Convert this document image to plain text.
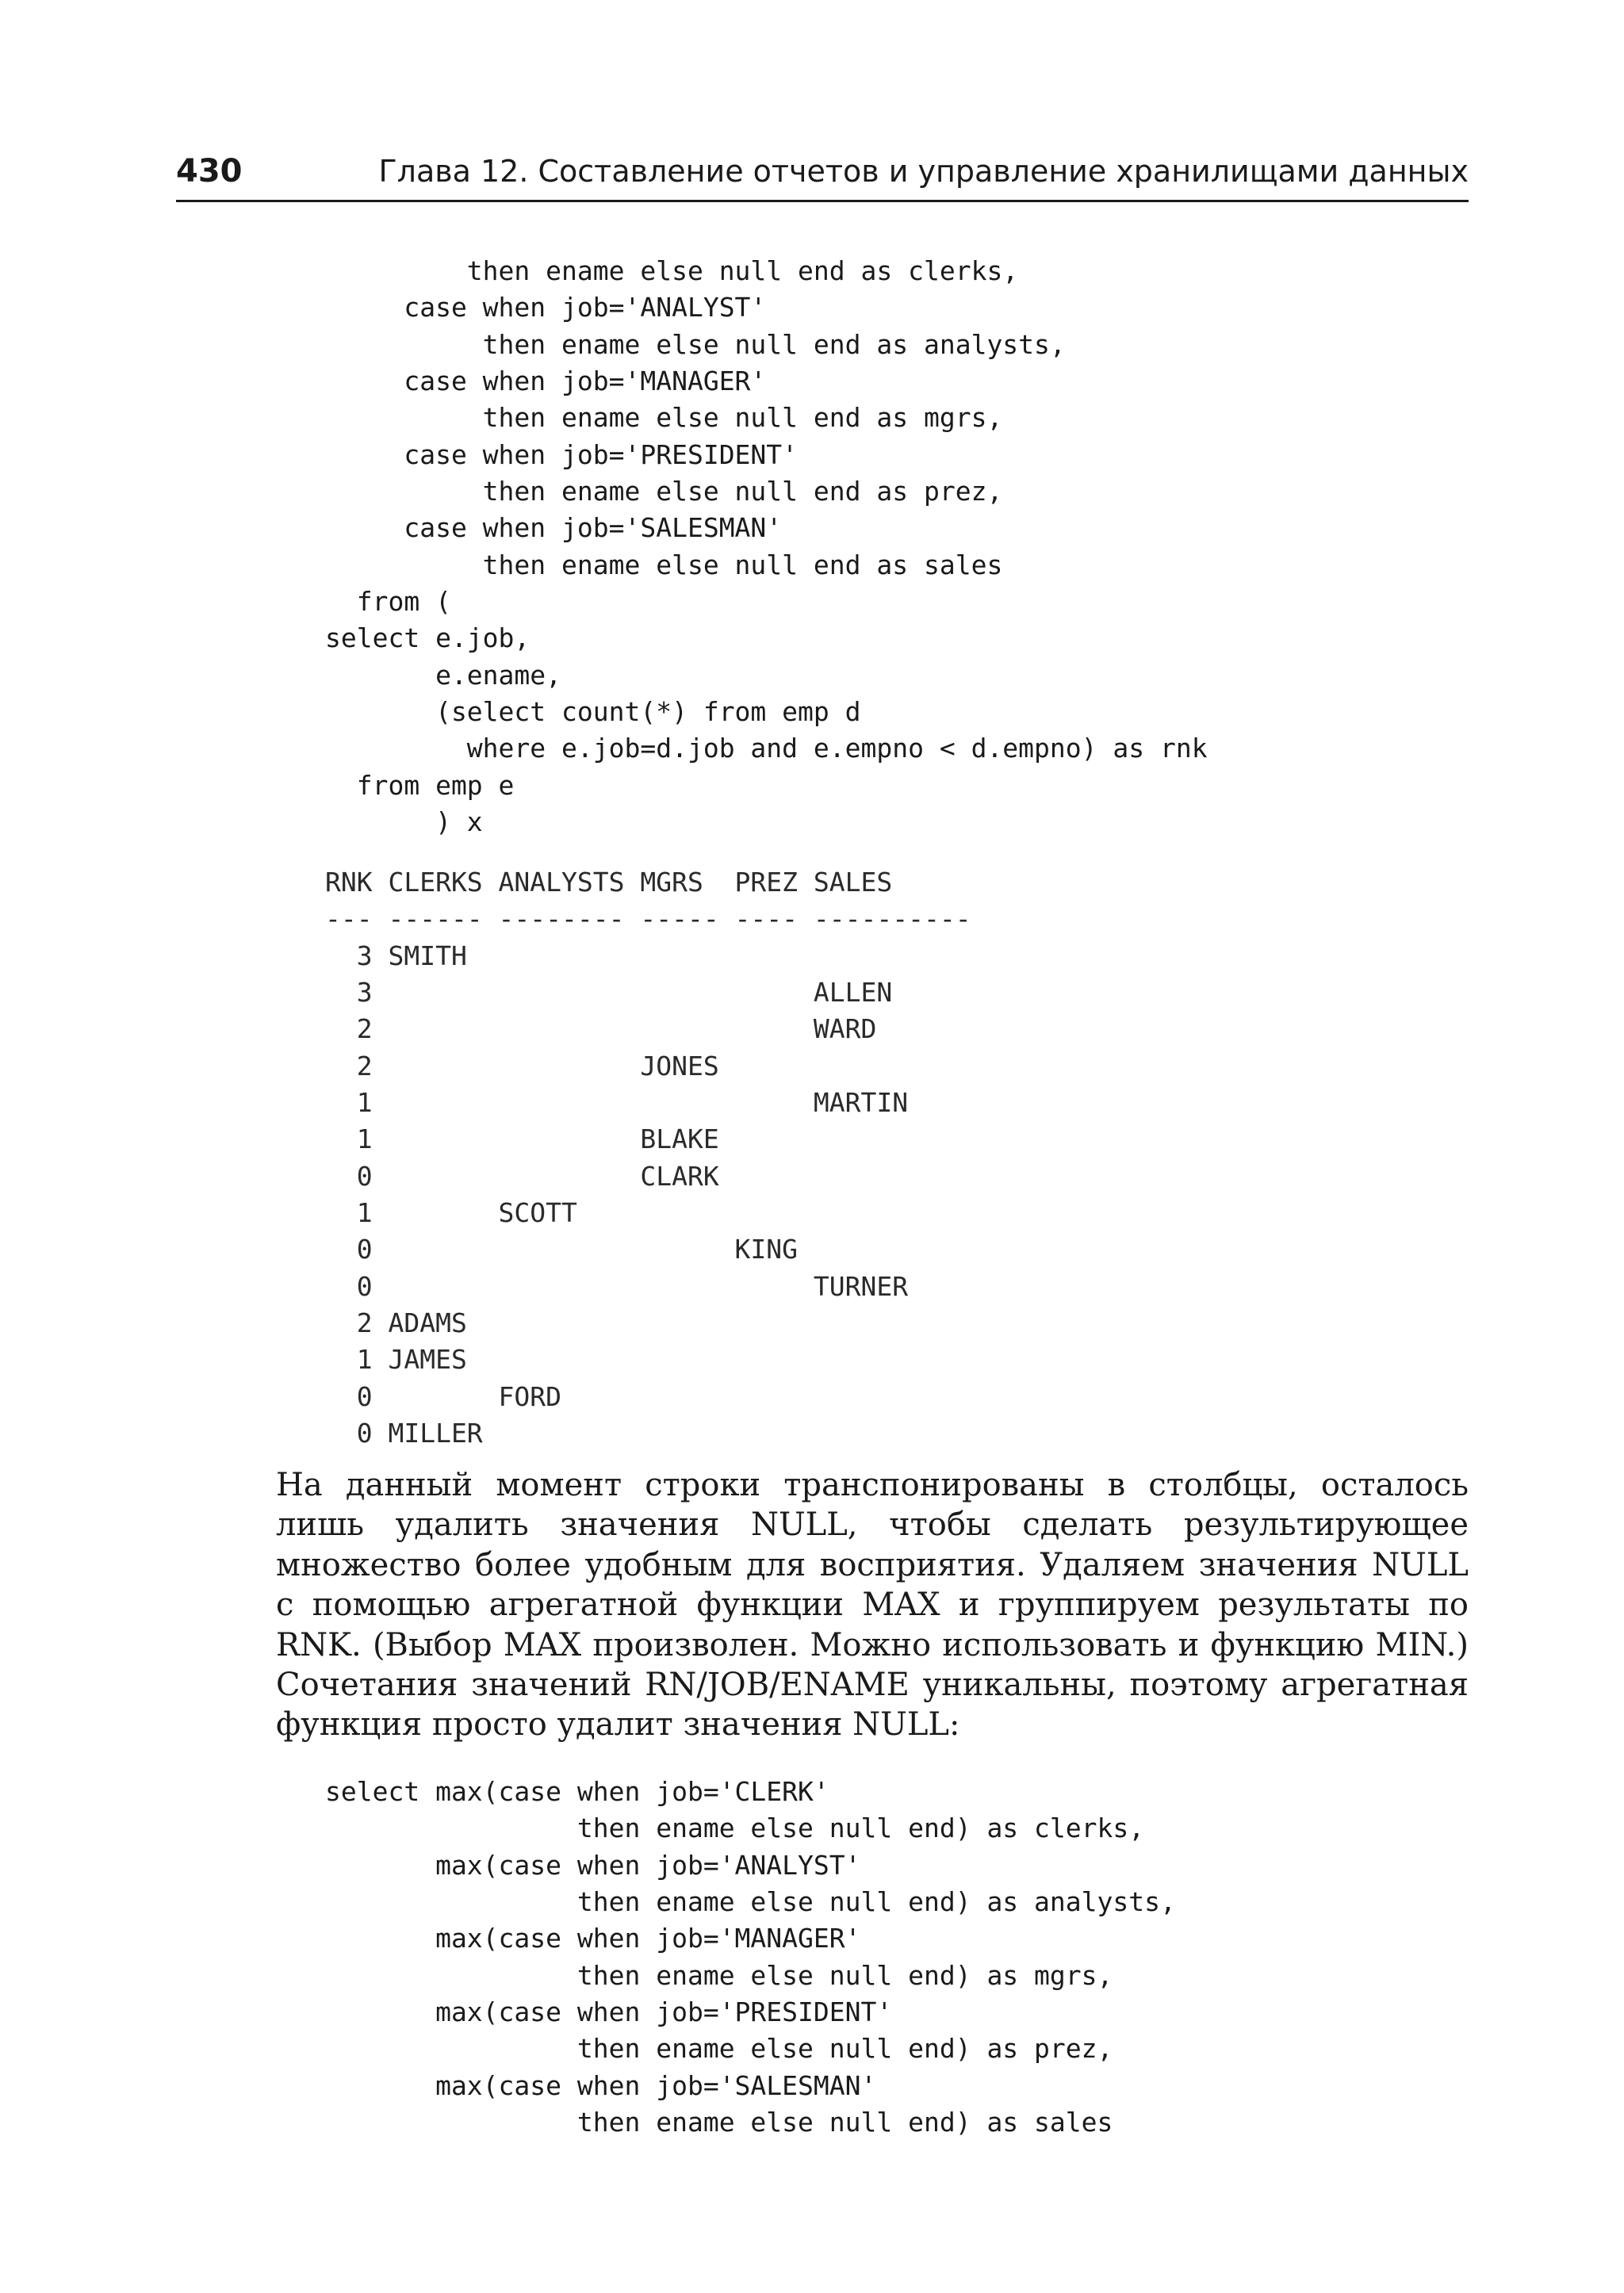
430	Глава 12. Составление отчетов и управление хранилищами данных
then ename else null end as clerks,
case when job='ANALYST'
then ename else null end as analysts,
case when job='MANAGER'
then ename else null end as mgrs,
case when job='PRESIDENT'
then ename else null end as prez,
case when job='SALESMAN'
then ename else null end as sales
from (
select e.job,
e.ename,
(select count(*) from emp d
where e.job=d.job and e.empno < d.empno) as rnk
from emp e
) x
RNK CLERKS ANALYSTS MGRS  PREZ SALES
--- ------ -------- ----- ---- ----------
3 SMITH
3                            ALLEN
2                            WARD
2                 JONES
1                            MARTIN
1                 BLAKE
0                 CLARK
1        SCOTT
0                       KING
0                            TURNER
2 ADAMS
1 JAMES
0        FORD
0 MILLER

На данный момент строки транспонированы в столбцы, осталось лишь удалить значения NULL, чтобы сделать результирующее множество более удобным для восприятия. Удаляем значения NULL с помощью агрегатной функции MAX и группируем результаты по RNK. (Выбор MAX произволен. Можно использовать и функцию MIN.) Сочетания значений RN/JOB/ENAME уникальны, поэтому агрегатная функция просто удалит значения NULL:

select max(case when job='CLERK'
then ename else null end) as clerks,
max(case when job='ANALYST'
then ename else null end) as analysts,
max(case when job='MANAGER'
then ename else null end) as mgrs,
max(case when job='PRESIDENT'
then ename else null end) as prez,
max(case when job='SALESMAN'
then ename else null end) as sales
